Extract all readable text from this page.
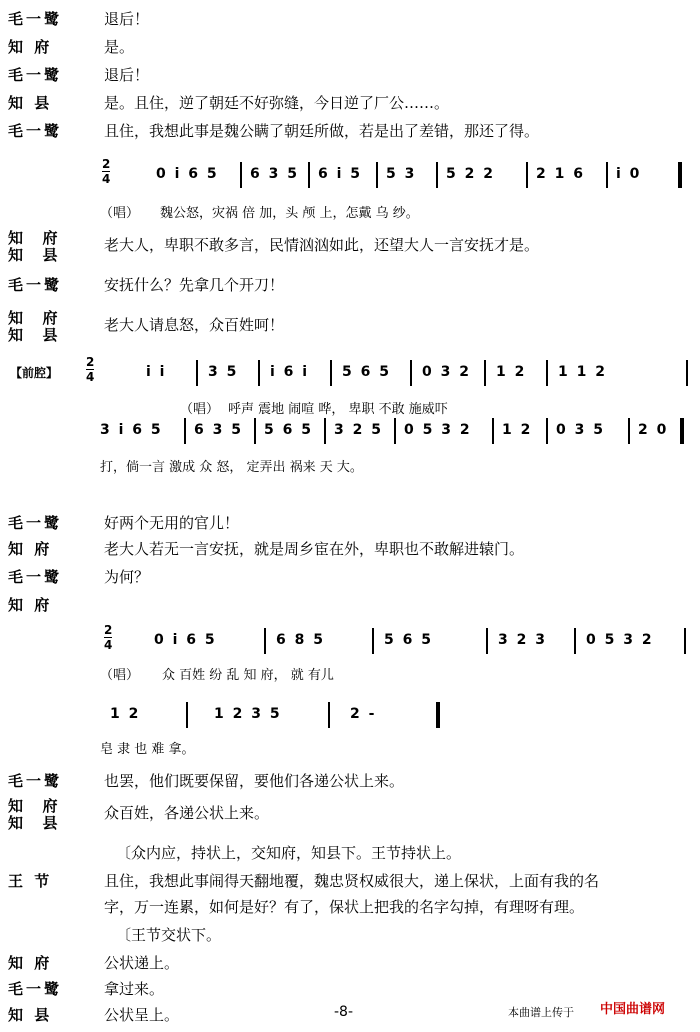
毛一鹭	退后！
知 府	是。
毛一鹭	退后！
知 县	是。且住，逆了朝廷不好弥缝，今日逆了厂公……。
毛一鹭	且住，我想此事是魏公瞒了朝廷所做，若是出了差错，那还了得。
2
4	0 i 6 5 6 3 5 6 i 5 5 3 5 2 2	2 1 6 i 0
（唱） 魏公怒，灾祸 倍 加，头 颅 上，怎戴 乌 纱。
知  府
知  县
老大人，卑职不敢多言，民情汹汹如此，还望大人一言安抚才是。
毛一鹭	安抚什么？先拿几个开刀！
知  府
知  县
老大人请息怒，众百姓呵！
【前腔】
2
4	i i	3 5 i 6 i 5 6 5 0 3 2 1 2 1 1 2
（唱） 呼声 震地 闹喧 哗， 卑职 不敢 施威吓
3 i 6 5 6 3 5 5 6 5 3 2 5 0 5 3 2 1 2 0 3 5 2 0
打，倘一言 激成 众 怒， 定弄出 祸来 天 大。
毛一鹭	好两个无用的官儿！
知 府	老大人若无一言安抚，就是周乡宦在外，卑职也不敢解进辕门。
毛一鹭	为何？
知 府
2
4	0 i 6 5	6 8 5	5 6 5	3 2 3	0 5 3 2
（唱） 众 百姓 纷 乱 知 府， 就 有儿
1 2	1 2 3 5	2 -
皂 隶 也 难 拿。
毛一鹭	也罢，他们既要保留，要他们各递公状上来。
知  府
知  县
众百姓，各递公状上来。
〔众内应，持状上，交知府，知县下。王节持状上。
王 节	且住，我想此事闹得天翻地覆，魏忠贤权威很大，递上保状，上面有我的名
字，万一连累，如何是好？有了，保状上把我的名字勾掉，有理呀有理。
〔王节交状下。
知 府	公状递上。
毛一鹭	拿过来。
知 县	公状呈上。	-8-	本曲谱上传于 中国曲谱网
